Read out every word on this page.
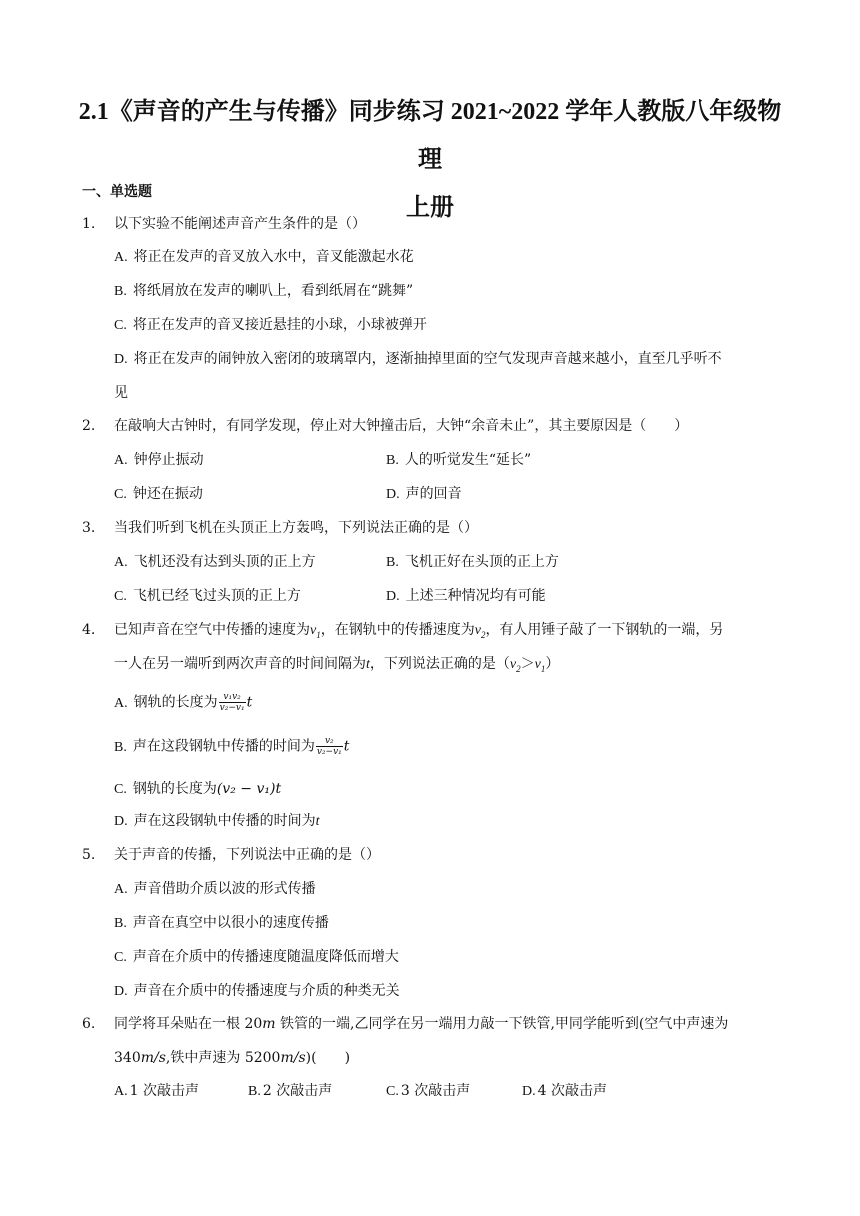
2.1《声音的产生与传播》同步练习 2021~2022 学年人教版八年级物理
上册
一、单选题
1. 以下实验不能阐述声音产生条件的是（）
A. 将正在发声的音叉放入水中，音叉能激起水花
B. 将纸屑放在发声的喇叭上，看到纸屑在“跳舞”
C. 将正在发声的音叉接近悬挂的小球，小球被弹开
D. 将正在发声的闹钟放入密闭的玻璃罩内，逐渐抽掉里面的空气发现声音越来越小，直至几乎听不
见
2. 在敲响大古钟时，有同学发现，停止对大钟撞击后，大钟“余音未止”，其主要原因是（　　）
A. 钟停止振动	B. 人的听觉发生“延长”
C. 钟还在振动	D. 声的回音
3. 当我们听到飞机在头顶正上方轰鸣，下列说法正确的是（）
A. 飞机还没有达到头顶的正上方	B. 飞机正好在头顶的正上方
C. 飞机已经飞过头顶的正上方	D. 上述三种情况均有可能
4. 已知声音在空气中传播的速度为$v_1$，在钢轨中的传播速度为$v_2$，有人用锤子敲了一下钢轨的一端，另
一人在另一端听到两次声音的时间间隔为t，下列说法正确的是$(v_2>v_1)$
A. 钢轨的长度为 $\frac{\text{v₁v₂}}{\text{v₂−v₁}}$ t
B. 声在这段钢轨中传播的时间为 $\frac{\text{v₂}}{\text{v₂−v₁}}$ t
C. 钢轨的长度为(v₂ − v₁)t
D. 声在这段钢轨中传播的时间为t
5. 关于声音的传播，下列说法中正确的是（）
A. 声音借助介质以波的形式传播
B. 声音在真空中以很小的速度传播
C. 声音在介质中的传播速度随温度降低而增大
D. 声音在介质中的传播速度与介质的种类无关
6. 同学将耳朵贴在一根 20m 铁管的一端,乙同学在另一端用力敲一下铁管,甲同学能听到(空气中声速为
340m/s,铁中声速为 5200m/s)(　　)
A. 1 次敲击声	B. 2 次敲击声	C. 3 次敲击声	D. 4 次敲击声
